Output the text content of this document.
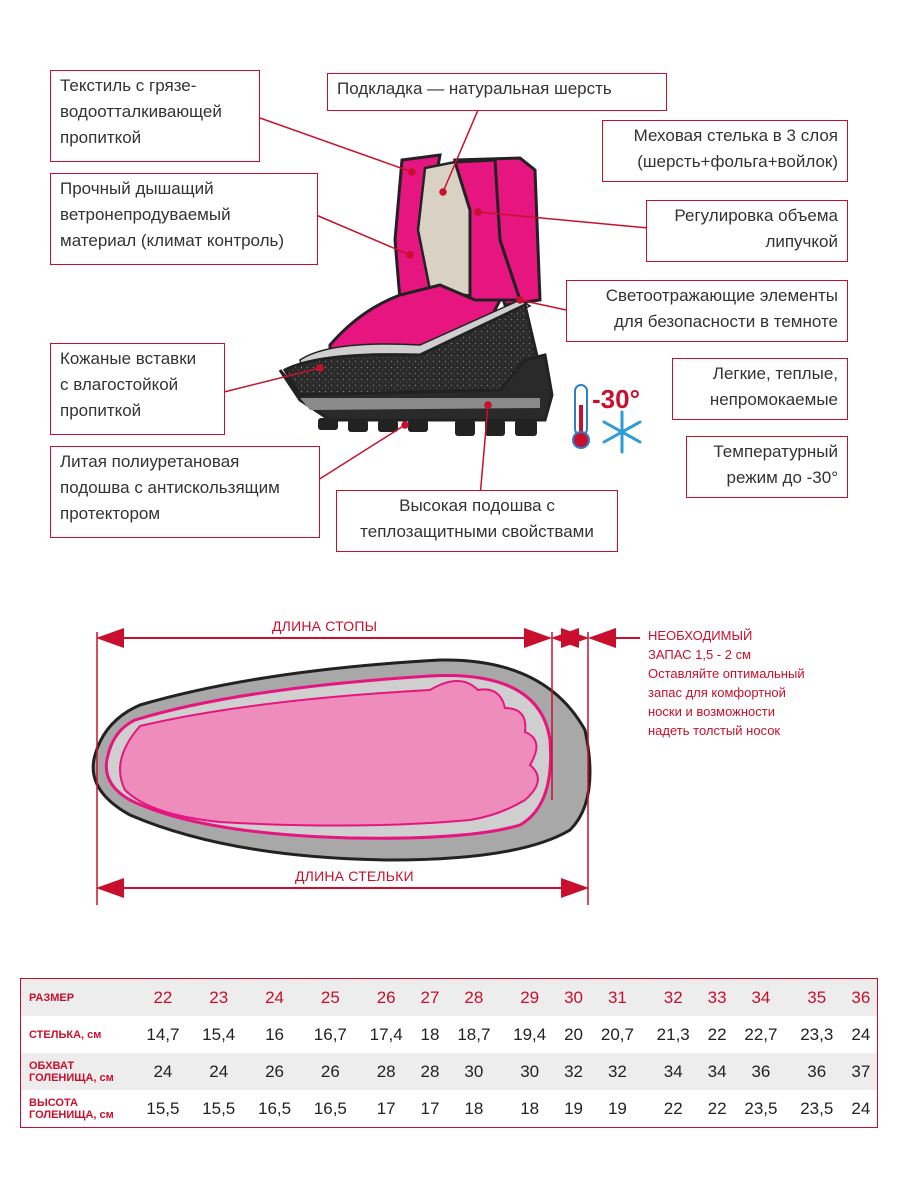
-30°
Текстиль с грязе-
водоотталкивающей
пропиткой
Подкладка — натуральная шерсть
Меховая стелька в 3 слоя
(шерсть+фольга+войлок)
Прочный дышащий
ветронепродуваемый
материал (климат контроль)
Регулировка объема
липучкой
Светоотражающие элементы
для безопасности в темноте
Кожаные вставки
с влагостойкой
пропиткой
Легкие, теплые,
непромокаемые
Температурный
режим до -30°
Литая полиуретановая
подошва с антискользящим
протектором	Высокая подошва с
теплозащитными свойствами
ДЛИНА СТОПЫ
ДЛИНА СТЕЛЬКИ
НЕОБХОДИМЫЙ
ЗАПАС 1,5 - 2 см
Оставляйте оптимальный
запас для комфортной
носки и возможности
надеть толстый носок
РАЗМЕР	22	23	24	25	26	27	28	29	30	31	32	33	34	35	36

СТЕЛЬКА, см	14,7	15,4	16	16,7	17,4	18	18,7	19,4	20	20,7	21,3	22	22,7	23,3	24

ОБХВАТ
ГОЛЕНИЩА, см	24	24	26	26	28	28	30	30	32	32	34	34	36	36	37

ВЫСОТА
ГОЛЕНИЩА, см	15,5	15,5	16,5	16,5	17	17	18	18	19	19	22	22	23,5	23,5	24
